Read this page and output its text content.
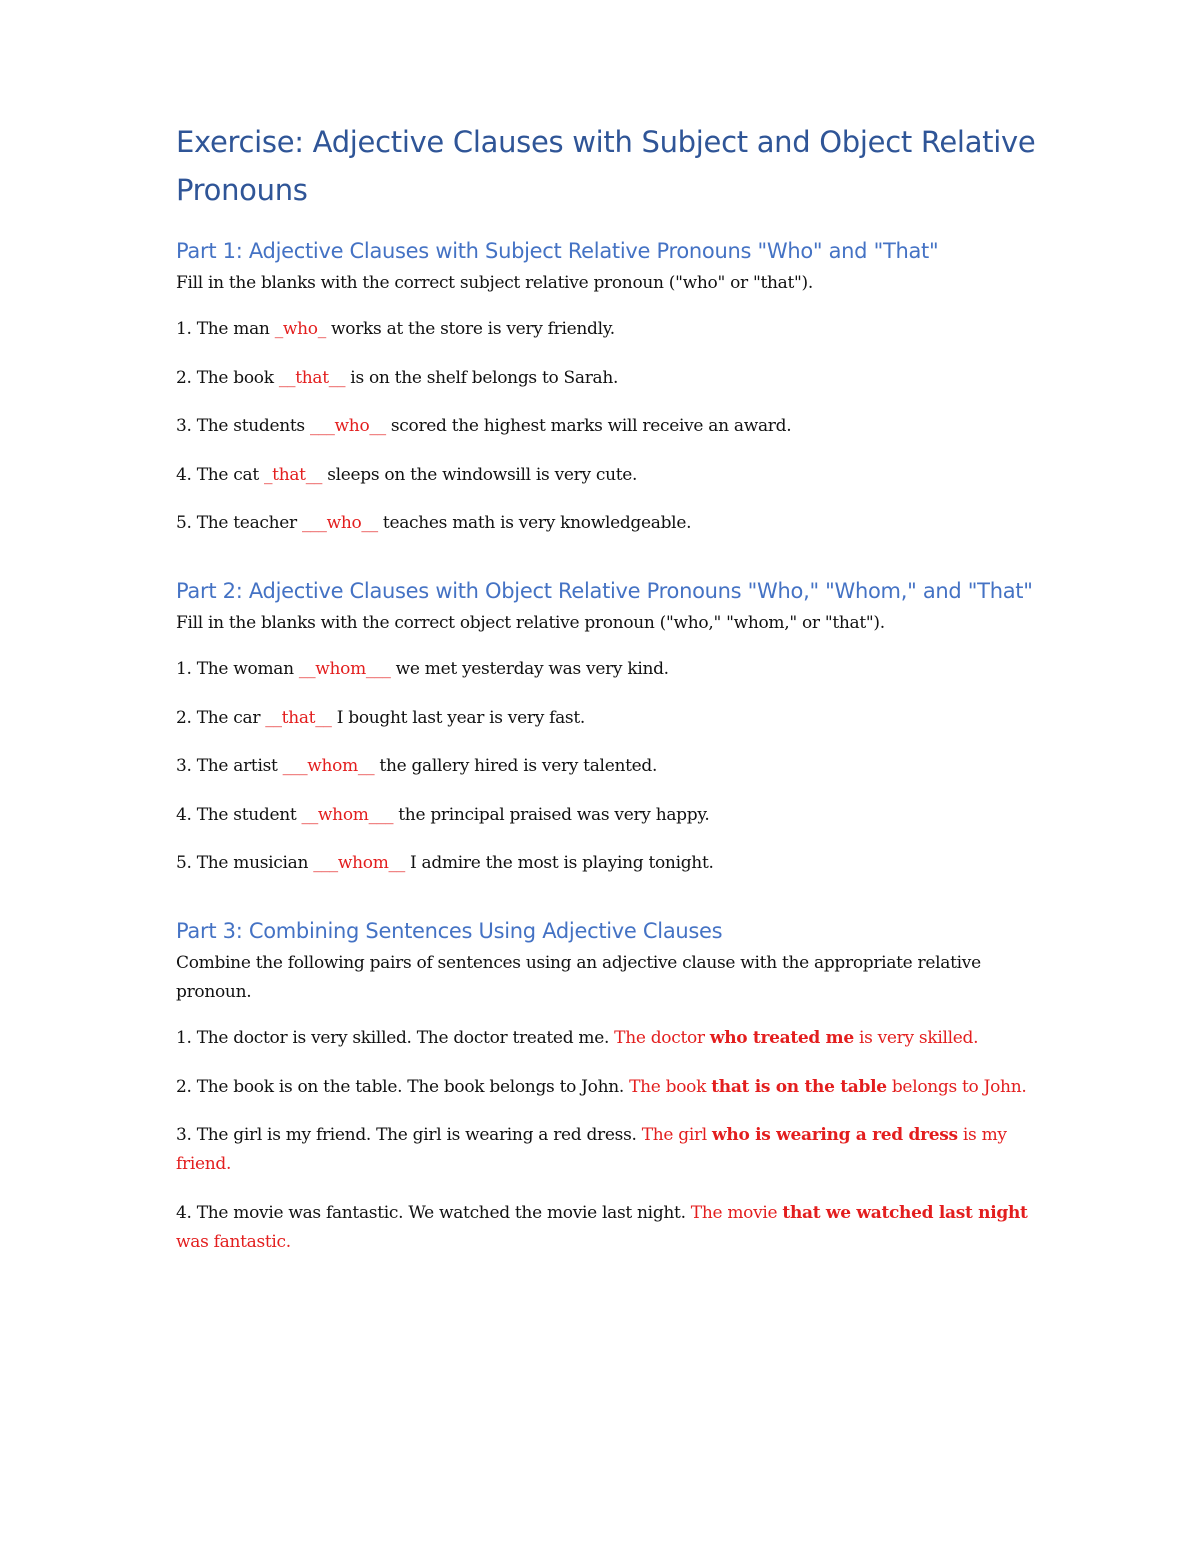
Exercise: Adjective Clauses with Subject and Object Relative Pronouns
Part 1: Adjective Clauses with Subject Relative Pronouns "Who" and "That"

Fill in the blanks with the correct subject relative pronoun ("who" or "that").

1. The man _who_ works at the store is very friendly.

2. The book __that__ is on the shelf belongs to Sarah.

3. The students ___who__ scored the highest marks will receive an award.

4. The cat _that__ sleeps on the windowsill is very cute.

5. The teacher ___who__ teaches math is very knowledgeable.

Part 2: Adjective Clauses with Object Relative Pronouns "Who," "Whom," and "That"

Fill in the blanks with the correct object relative pronoun ("who," "whom," or "that").

1. The woman __whom___ we met yesterday was very kind.

2. The car __that__ I bought last year is very fast.

3. The artist ___whom__ the gallery hired is very talented.

4. The student __whom___ the principal praised was very happy.

5. The musician ___whom__ I admire the most is playing tonight.

Part 3: Combining Sentences Using Adjective Clauses

Combine the following pairs of sentences using an adjective clause with the appropriate relative pronoun.

1. The doctor is very skilled. The doctor treated me. The doctor who treated me is very skilled.

2. The book is on the table. The book belongs to John. The book that is on the table belongs to John.

3. The girl is my friend. The girl is wearing a red dress. The girl who is wearing a red dress is my friend.

4. The movie was fantastic. We watched the movie last night. The movie that we watched last night was fantastic.
